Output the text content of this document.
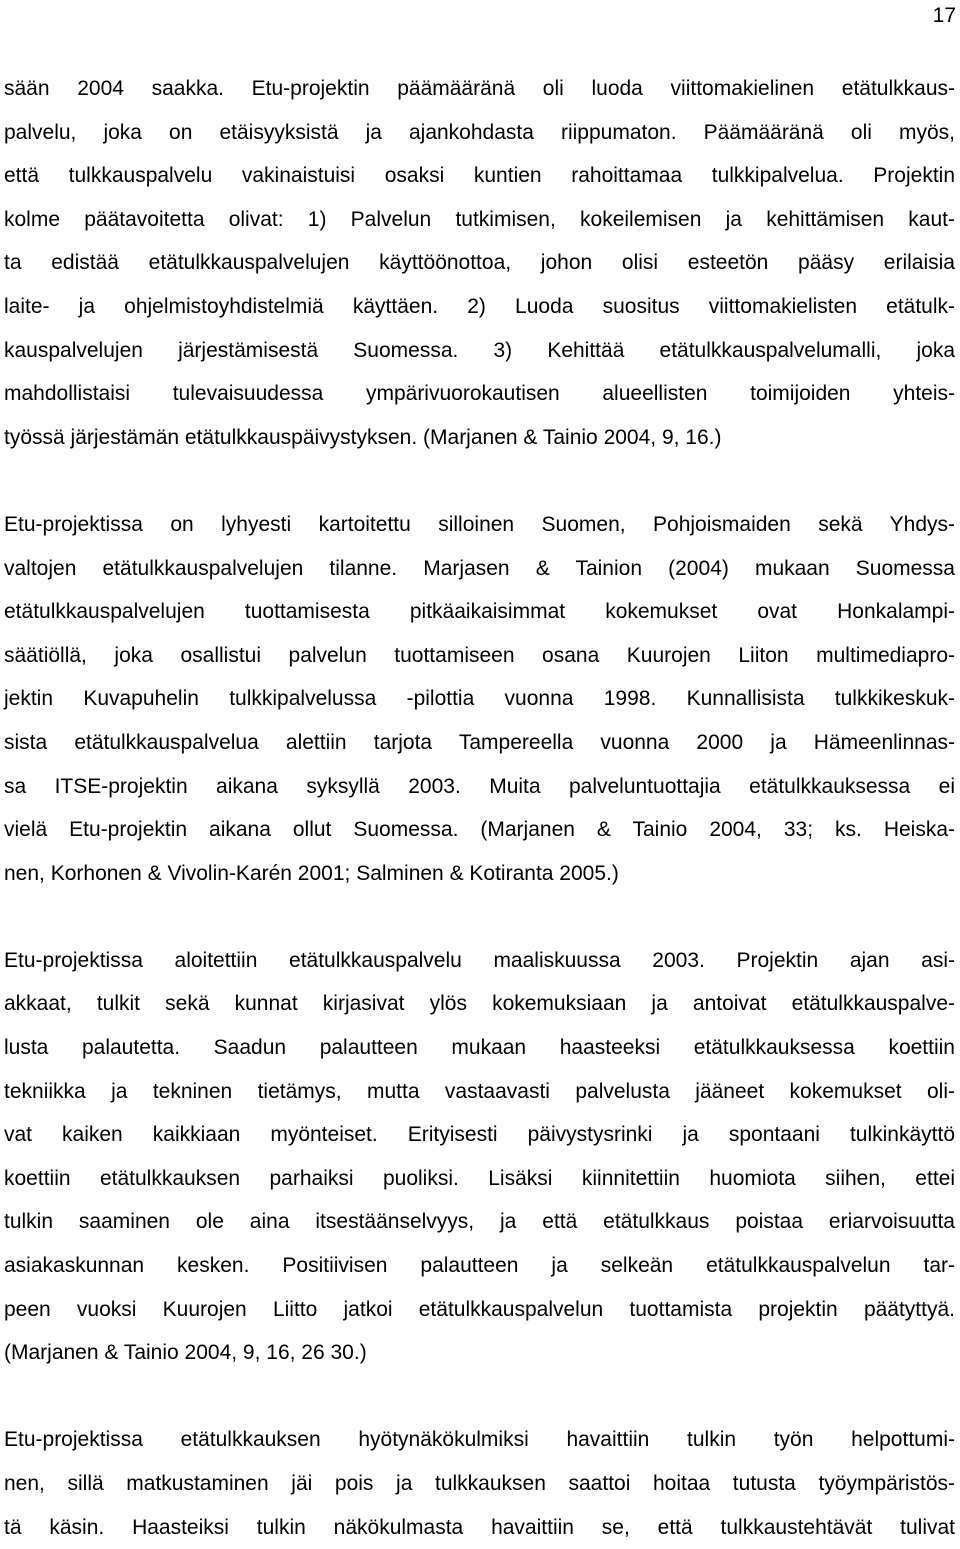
17
sään 2004 saakka. Etu-projektin päämääränä oli luoda viittomakielinen etätulkkaus-
palvelu, joka on etäisyyksistä ja ajankohdasta riippumaton. Päämääränä oli myös,
että tulkkauspalvelu vakinaistuisi osaksi kuntien rahoittamaa tulkkipalvelua. Projektin
kolme päätavoitetta olivat: 1) Palvelun tutkimisen, kokeilemisen ja kehittämisen kaut-
ta edistää etätulkkauspalvelujen käyttöönottoa, johon olisi esteetön pääsy erilaisia
laite- ja ohjelmistoyhdistelmiä käyttäen. 2) Luoda suositus viittomakielisten etätulk-
kauspalvelujen järjestämisestä Suomessa. 3) Kehittää etätulkkauspalvelumalli, joka
mahdollistaisi tulevaisuudessa ympärivuorokautisen alueellisten toimijoiden yhteis-
työssä järjestämän etätulkkauspäivystyksen. (Marjanen & Tainio 2004, 9, 16.)
Etu-projektissa on lyhyesti kartoitettu silloinen Suomen, Pohjoismaiden sekä Yhdys-
valtojen etätulkkauspalvelujen tilanne. Marjasen & Tainion (2004) mukaan Suomessa
etätulkkauspalvelujen tuottamisesta pitkäaikaisimmat kokemukset ovat Honkalampi-
säätiöllä, joka osallistui palvelun tuottamiseen osana Kuurojen Liiton multimediapro-
jektin Kuvapuhelin tulkkipalvelussa -pilottia vuonna 1998. Kunnallisista tulkkikeskuk-
sista etätulkkauspalvelua alettiin tarjota Tampereella vuonna 2000 ja Hämeenlinnas-
sa ITSE-projektin aikana syksyllä 2003. Muita palveluntuottajia etätulkkauksessa ei
vielä Etu-projektin aikana ollut Suomessa. (Marjanen & Tainio 2004, 33; ks. Heiska-
nen, Korhonen & Vivolin-Karén 2001; Salminen & Kotiranta 2005.)
Etu-projektissa aloitettiin etätulkkauspalvelu maaliskuussa 2003. Projektin ajan asi-
akkaat, tulkit sekä kunnat kirjasivat ylös kokemuksiaan ja antoivat etätulkkauspalve-
lusta palautetta. Saadun palautteen mukaan haasteeksi etätulkkauksessa koettiin
tekniikka ja tekninen tietämys, mutta vastaavasti palvelusta jääneet kokemukset oli-
vat kaiken kaikkiaan myönteiset. Erityisesti päivystysrinki ja spontaani tulkinkäyttö
koettiin etätulkkauksen parhaiksi puoliksi. Lisäksi kiinnitettiin huomiota siihen, ettei
tulkin saaminen ole aina itsestäänselvyys, ja että etätulkkaus poistaa eriarvoisuutta
asiakaskunnan kesken. Positiivisen palautteen ja selkeän etätulkkauspalvelun tar-
peen vuoksi Kuurojen Liitto jatkoi etätulkkauspalvelun tuottamista projektin päätyttyä.
(Marjanen & Tainio 2004, 9, 16, 26 30.)
Etu-projektissa etätulkkauksen hyötynäkökulmiksi havaittiin tulkin työn helpottumi-
nen, sillä matkustaminen jäi pois ja tulkkauksen saattoi hoitaa tutusta työympäristös-
tä käsin. Haasteiksi tulkin näkökulmasta havaittiin se, että tulkkaustehtävät tulivat
